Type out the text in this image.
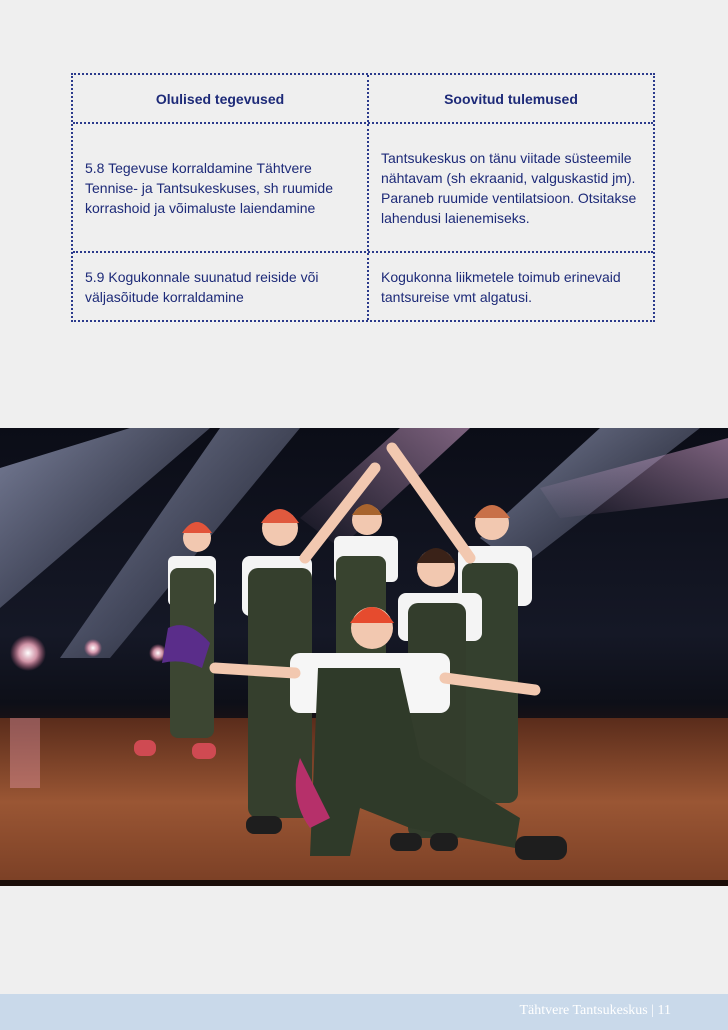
Olulised tegevused	Soovitud tulemused
5.8 Tegevuse korraldamine Tähtvere Tennise- ja Tantsukeskuses, sh ruumide korrashoid ja võimaluste laiendamine
Tantsukeskus on tänu viitade süsteemile nähtavam (sh ekraanid, valguskastid jm). Paraneb ruumide ventilatsioon. Otsitakse lahendusi laienemiseks.
5.9 Kogukonnale suunatud reiside või väljasõitude korraldamine
Kogukonna liikmetele toimub erinevaid tantsureise vmt algatusi.
Tähtvere Tantsukeskus | 11
